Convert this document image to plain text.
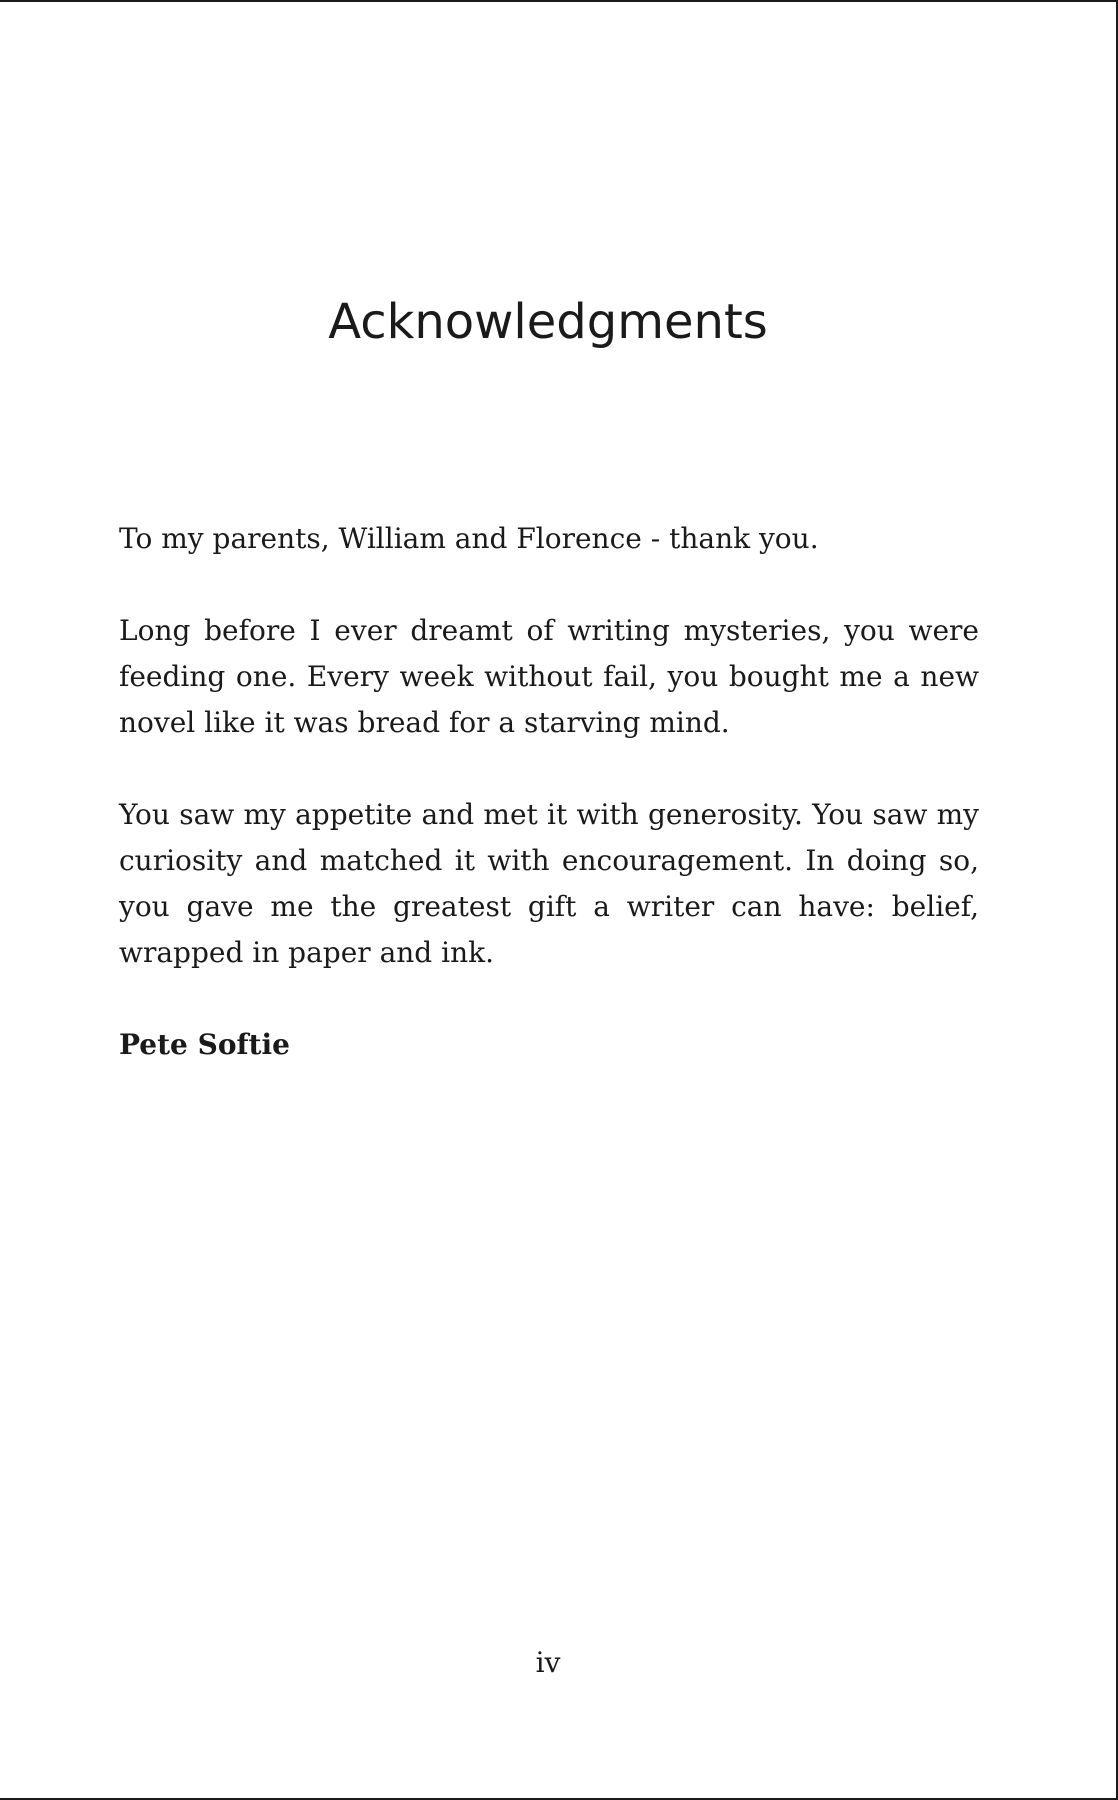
Acknowledgments

To my parents, William and Florence - thank you.

Long before I ever dreamt of writing mysteries, you were feeding one. Every week without fail, you bought me a new novel like it was bread for a starving mind.

You saw my appetite and met it with generosity. You saw my curiosity and matched it with encouragement. In doing so, you gave me the greatest gift a writer can have: belief, wrapped in paper and ink.

Pete Softie

iv
